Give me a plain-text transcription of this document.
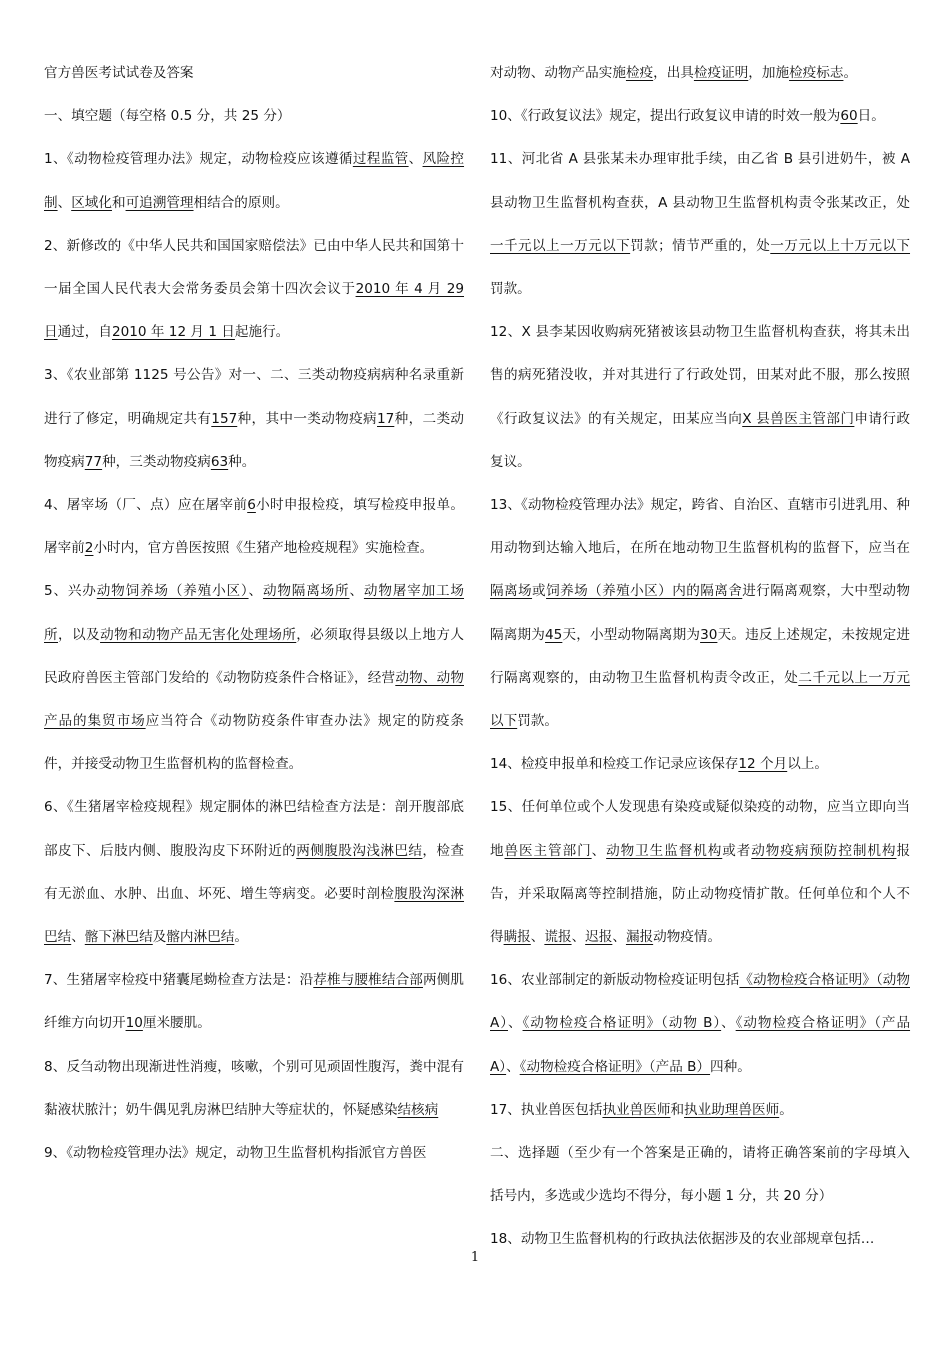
官方兽医考试试卷及答案

一、填空题（每空格 0.5 分，共 25 分）

1、《动物检疫管理办法》规定，动物检疫应该遵循过程监管、风险控制、区域化和可追溯管理相结合的原则。

2、新修改的《中华人民共和国国家赔偿法》已由中华人民共和国第十一届全国人民代表大会常务委员会第十四次会议于2010 年 4 月 29 日通过，自2010 年 12 月 1 日起施行。

3、《农业部第 1125 号公告》对一、二、三类动物疫病病种名录重新进行了修定，明确规定共有157种，其中一类动物疫病17种，二类动物疫病77种，三类动物疫病63种。

4、屠宰场（厂、点）应在屠宰前6小时申报检疫，填写检疫申报单。屠宰前2小时内，官方兽医按照《生猪产地检疫规程》实施检查。

5、兴办动物饲养场（养殖小区）、动物隔离场所、动物屠宰加工场所，以及动物和动物产品无害化处理场所，必须取得县级以上地方人民政府兽医主管部门发给的《动物防疫条件合格证》，经营动物、动物产品的集贸市场应当符合《动物防疫条件审查办法》规定的防疫条件，并接受动物卫生监督机构的监督检查。

6、《生猪屠宰检疫规程》规定胴体的淋巴结检查方法是：剖开腹部底部皮下、后肢内侧、腹股沟皮下环附近的两侧腹股沟浅淋巴结，检查有无淤血、水肿、出血、坏死、增生等病变。必要时剖检腹股沟深淋巴结、髂下淋巴结及髂内淋巴结。

7、生猪屠宰检疫中猪囊尾蚴检查方法是：沿荐椎与腰椎结合部两侧肌纤维方向切开10厘米腰肌。

8、反刍动物出现渐进性消瘦，咳嗽，个别可见顽固性腹泻，粪中混有黏液状脓汁；奶牛偶见乳房淋巴结肿大等症状的，怀疑感染结核病

9、《动物检疫管理办法》规定，动物卫生监督机构指派官方兽医

对动物、动物产品实施检疫，出具检疫证明，加施检疫标志。

10、《行政复议法》规定，提出行政复议申请的时效一般为60日。

11、河北省 A 县张某未办理审批手续，由乙省 B 县引进奶牛，被 A 县动物卫生监督机构查获，A 县动物卫生监督机构责令张某改正，处一千元以上一万元以下罚款；情节严重的，处一万元以上十万元以下罚款。

12、X 县李某因收购病死猪被该县动物卫生监督机构查获，将其未出售的病死猪没收，并对其进行了行政处罚，田某对此不服，那么按照《行政复议法》的有关规定，田某应当向X 县兽医主管部门申请行政复议。

13、《动物检疫管理办法》规定，跨省、自治区、直辖市引进乳用、种用动物到达输入地后，在所在地动物卫生监督机构的监督下，应当在隔离场或饲养场（养殖小区）内的隔离舍进行隔离观察，大中型动物隔离期为45天，小型动物隔离期为30天。违反上述规定，未按规定进行隔离观察的，由动物卫生监督机构责令改正，处二千元以上一万元以下罚款。

14、检疫申报单和检疫工作记录应该保存12 个月以上。

15、任何单位或个人发现患有染疫或疑似染疫的动物，应当立即向当地兽医主管部门、动物卫生监督机构或者动物疫病预防控制机构报告，并采取隔离等控制措施，防止动物疫情扩散。任何单位和个人不得瞒报、谎报、迟报、漏报动物疫情。

16、农业部制定的新版动物检疫证明包括《动物检疫合格证明》（动物 A）、《动物检疫合格证明》（动物 B）、《动物检疫合格证明》（产品 A）、《动物检疫合格证明》（产品 B）四种。

17、执业兽医包括执业兽医师和执业助理兽医师。

二、选择题（至少有一个答案是正确的，请将正确答案前的字母填入括号内，多选或少选均不得分，每小题 1 分，共 20 分）

18、动物卫生监督机构的行政执法依据涉及的农业部规章包括…

1
